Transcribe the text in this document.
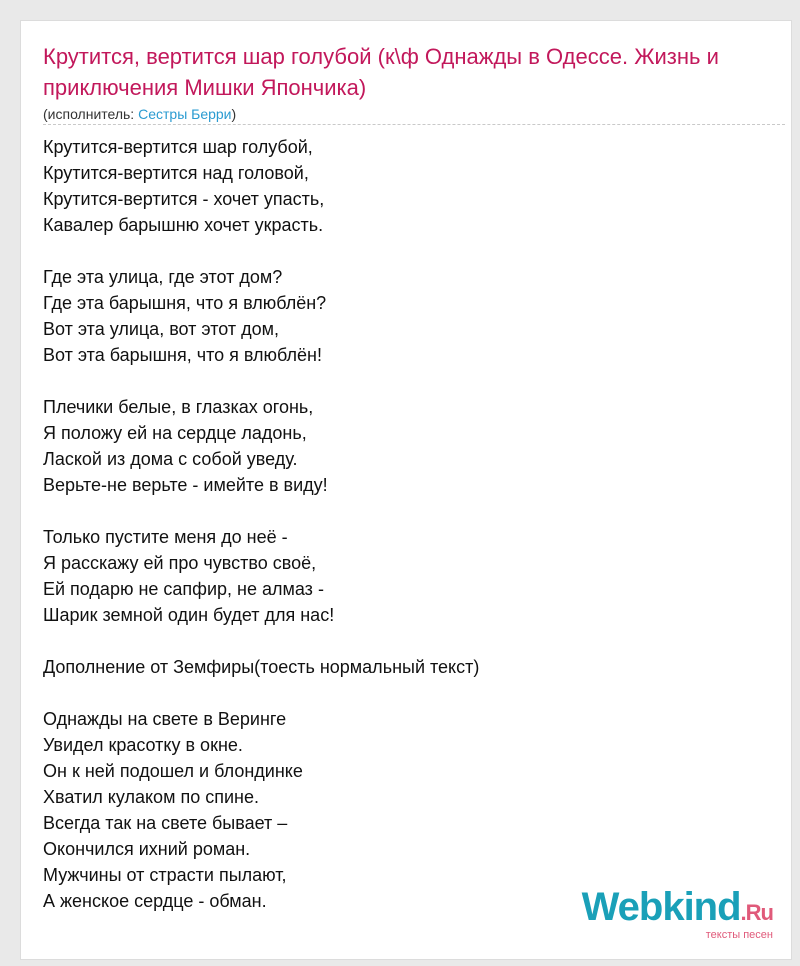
Крутится, вертится шар голубой (к\ф Однажды в Одессе. Жизнь и приключения Мишки Япончика)
(исполнитель: Сестры Берри)
Крутится-вертится шар голубой,
Крутится-вертится над головой,
Крутится-вертится - хочет упасть,
Кавалер барышню хочет украсть.
Где эта улица, где этот дом?
Где эта барышня, что я влюблён?
Вот эта улица, вот этот дом,
Вот эта барышня, что я влюблён!
Плечики белые, в глазках огонь,
Я положу ей на сердце ладонь,
Лаской из дома с собой уведу.
Верьте-не верьте - имейте в виду!
Только пустите меня до неё -
Я расскажу ей про чувство своё,
Ей подарю не сапфир, не алмаз -
Шарик земной один будет для нас!
Дополнение от Земфиры(тоесть нормальный текст)
Однажды на свете в Веринге
Увидел красотку в окне.
Он к ней подошел и блондинке
Хватил кулаком по спине.
Всегда так на свете бывает –
Окончился ихний роман.
Мужчины от страсти пылают,
А женское сердце - обман.	Webkind.Ru
тексты песен
